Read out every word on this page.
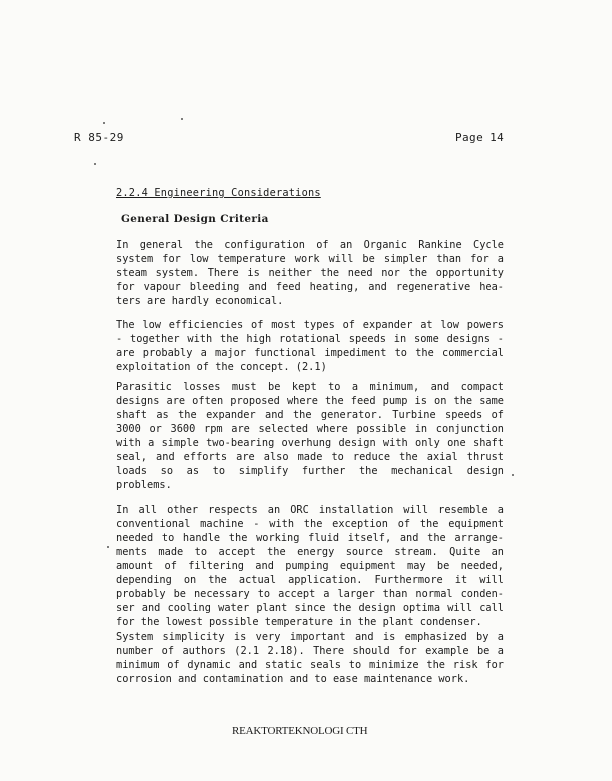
R 85-29	Page 14
2.2.4 Engineering Considerations
General Design Criteria

In general the configuration of an Organic Rankine Cycle
system for low temperature work will be simpler than for a
steam system. There is neither the need nor the opportunity
for vapour bleeding and feed heating, and regenerative hea-
ters are hardly economical.

The low efficiencies of most types of expander at low powers
- together with the high rotational speeds in some designs -
are probably a major functional impediment to the commercial
exploitation of the concept. (2.1)

Parasitic losses must be kept to a minimum, and compact
designs are often proposed where the feed pump is on the same
shaft as the expander and the generator. Turbine speeds of
3000 or 3600 rpm are selected where possible in conjunction
with a simple two-bearing overhung design with only one shaft
seal, and efforts are also made to reduce the axial thrust
loads so as to simplify further the mechanical design
problems.

In all other respects an ORC installation will resemble a
conventional machine - with the exception of the equipment
needed to handle the working fluid itself, and the arrange-
ments made to accept the energy source stream. Quite an
amount of filtering and pumping equipment may be needed,
depending on the actual application. Furthermore it will
probably be necessary to accept a larger than normal conden-
ser and cooling water plant since the design optima will call
for the lowest possible temperature in the plant condenser.

System simplicity is very important and is emphasized by a
number of authors (2.1 2.18). There should for example be a
minimum of dynamic and static seals to minimize the risk for
corrosion and contamination and to ease maintenance work.

REAKTORTEKNOLOGI CTH
